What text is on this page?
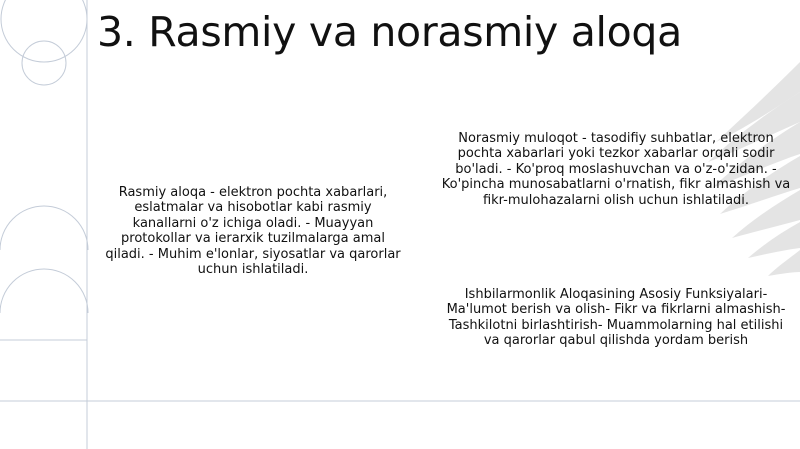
3. Rasmiy va norasmiy aloqa

Rasmiy aloqa - elektron pochta xabarlari, eslatmalar va hisobotlar kabi rasmiy kanallarni o'z ichiga oladi. - Muayyan protokollar va ierarxik tuzilmalarga amal qiladi. - Muhim e'lonlar, siyosatlar va qarorlar uchun ishlatiladi.

Norasmiy muloqot - tasodifiy suhbatlar, elektron pochta xabarlari yoki tezkor xabarlar orqali sodir bo'ladi. - Ko'proq moslashuvchan va o'z-o'zidan. - Ko'pincha munosabatlarni o'rnatish, fikr almashish va fikr-mulohazalarni olish uchun ishlatiladi.

Ishbilarmonlik Aloqasining Asosiy Funksiyalari- Ma'lumot berish va olish- Fikr va fikrlarni almashish- Tashkilotni birlashtirish- Muammolarning hal etilishi va qarorlar qabul qilishda yordam berish
